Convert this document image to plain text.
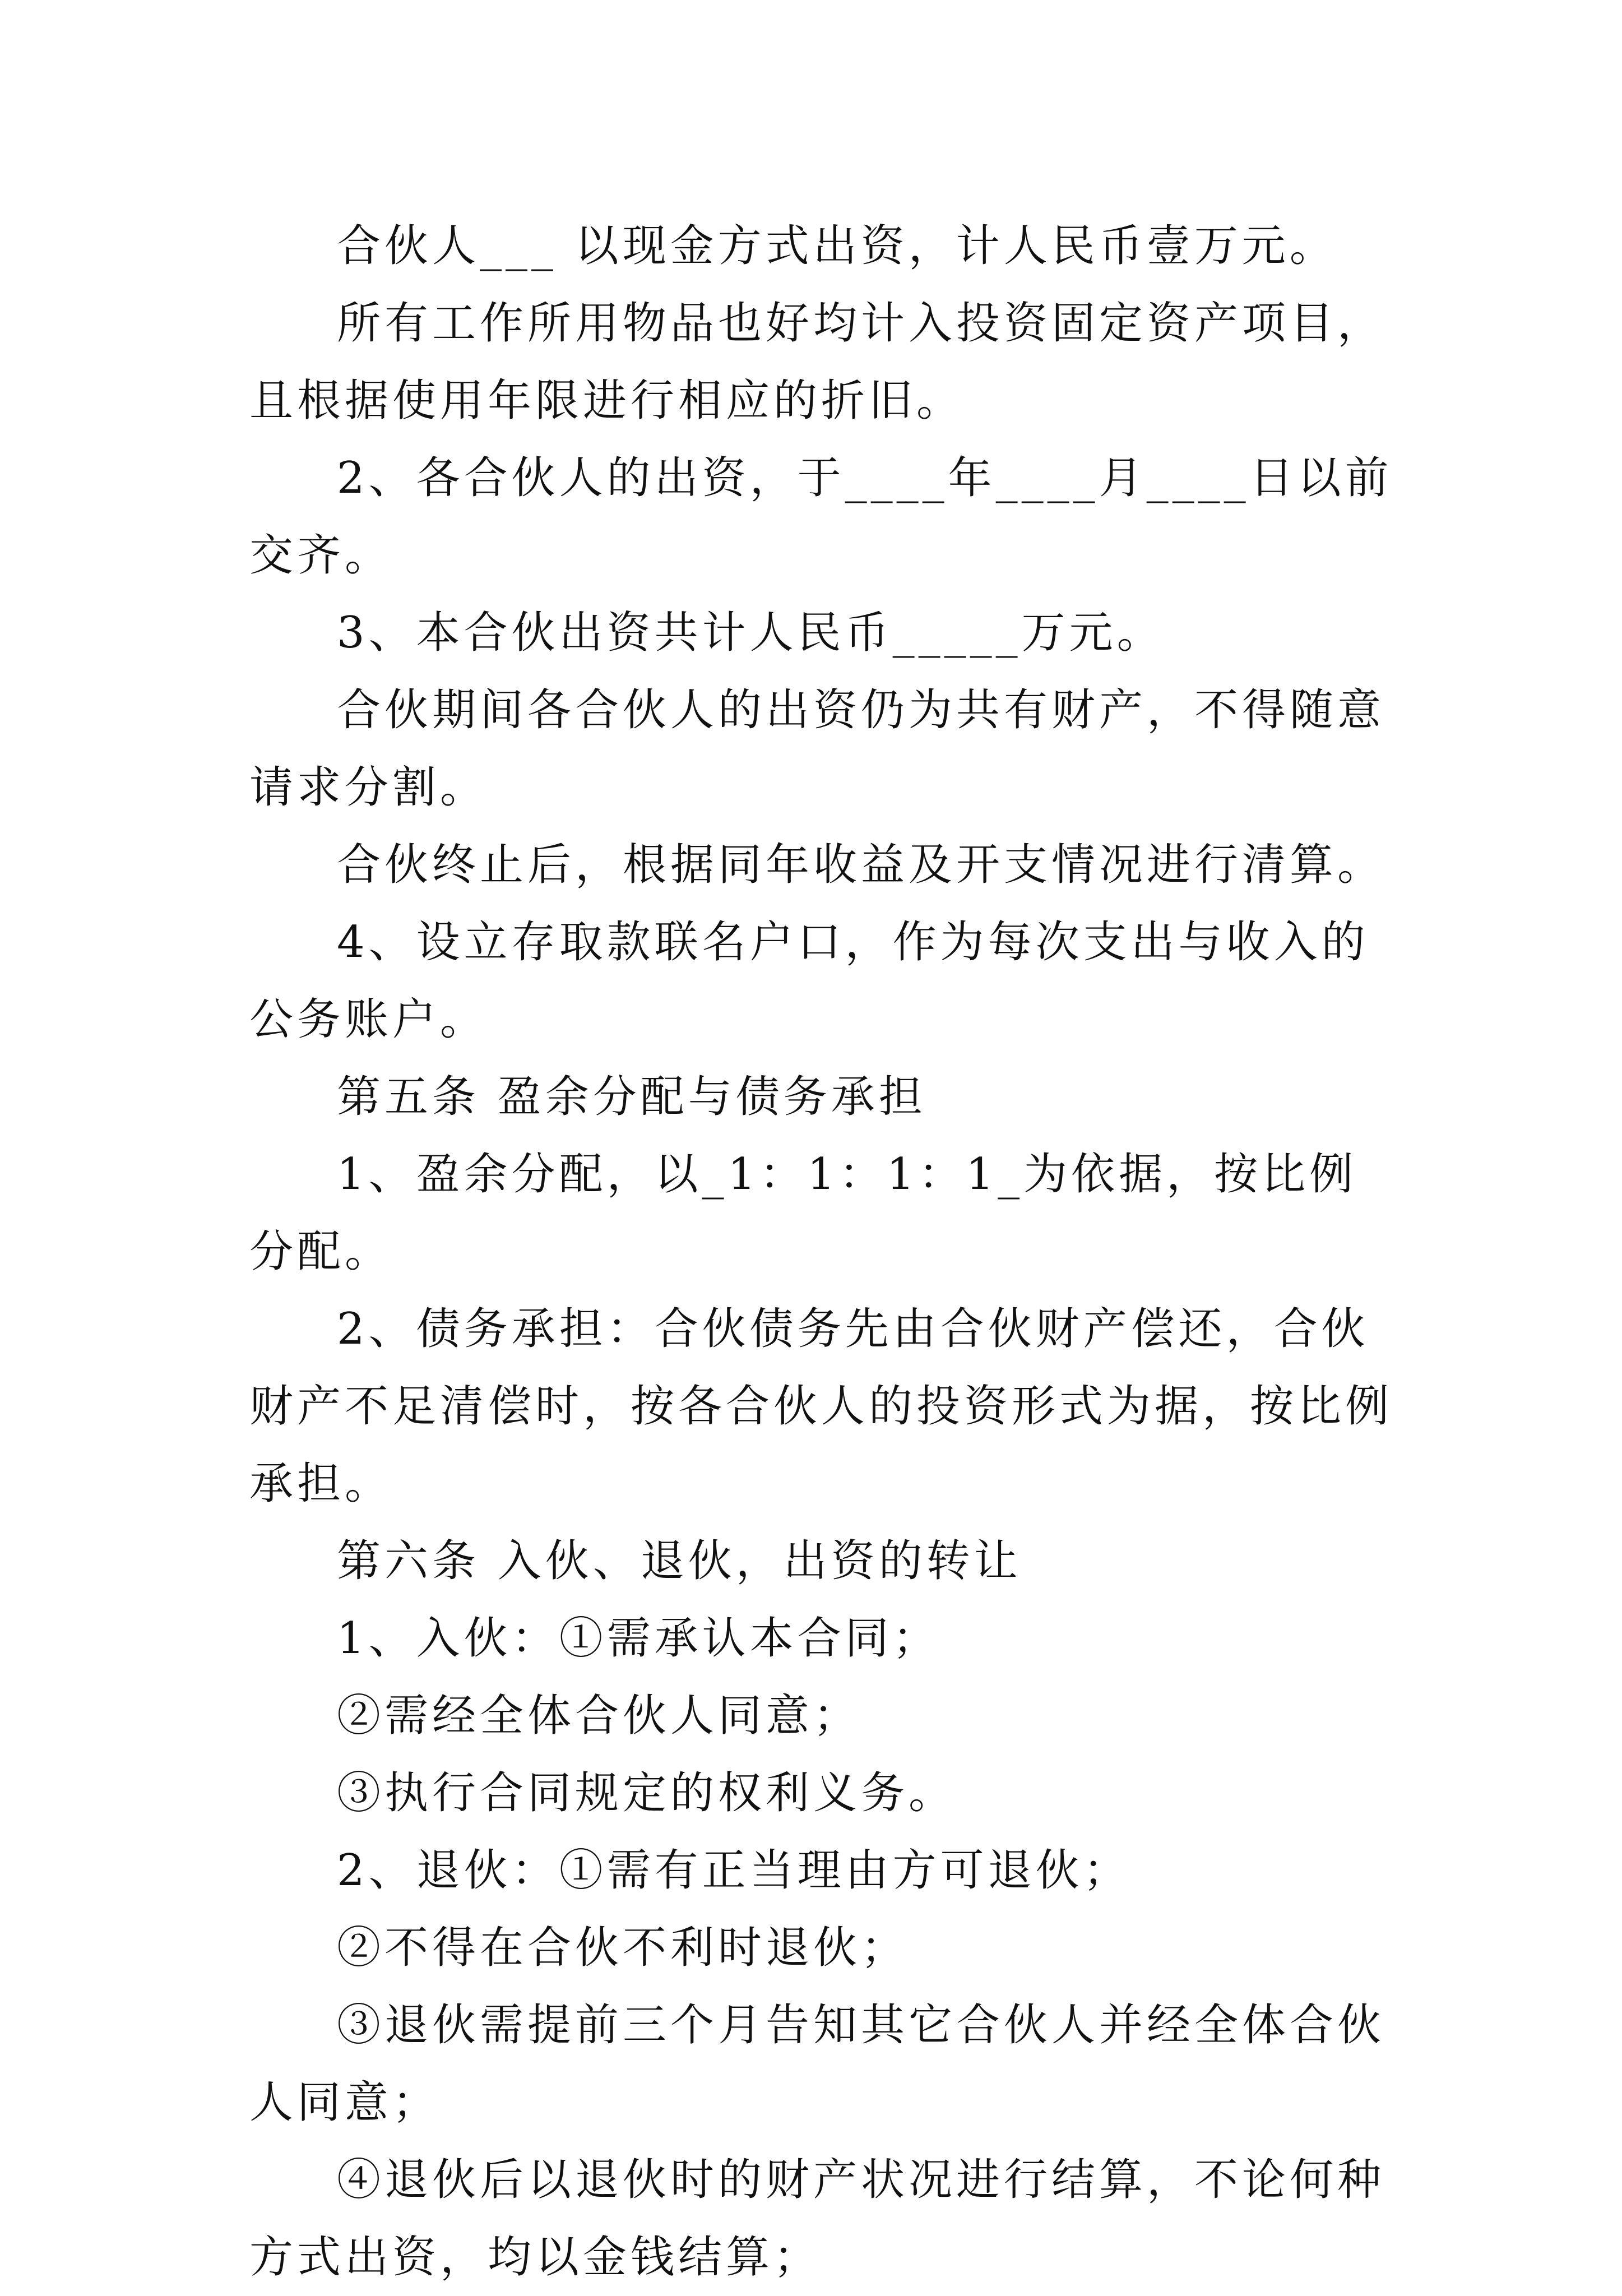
合伙人___ 以现金方式出资，计人民币壹万元。

所有工作所用物品也好均计入投资固定资产项目，且根据使用年限进行相应的折旧。

2、各合伙人的出资，于____年____月____日以前交齐。

3、本合伙出资共计人民币_____万元。

合伙期间各合伙人的出资仍为共有财产，不得随意请求分割。

合伙终止后，根据同年收益及开支情况进行清算。

4、设立存取款联名户口，作为每次支出与收入的公务账户。

第五条 盈余分配与债务承担

1、盈余分配，以_1：1：1：1_为依据，按比例分配。

2、债务承担：合伙债务先由合伙财产偿还，合伙财产不足清偿时，按各合伙人的投资形式为据，按比例承担。

第六条 入伙、退伙，出资的转让

1、入伙：①需承认本合同；

②需经全体合伙人同意；

③执行合同规定的权利义务。

2、退伙：①需有正当理由方可退伙；

②不得在合伙不利时退伙；

③退伙需提前三个月告知其它合伙人并经全体合伙人同意；

④退伙后以退伙时的财产状况进行结算，不论何种方式出资，均以金钱结算；
